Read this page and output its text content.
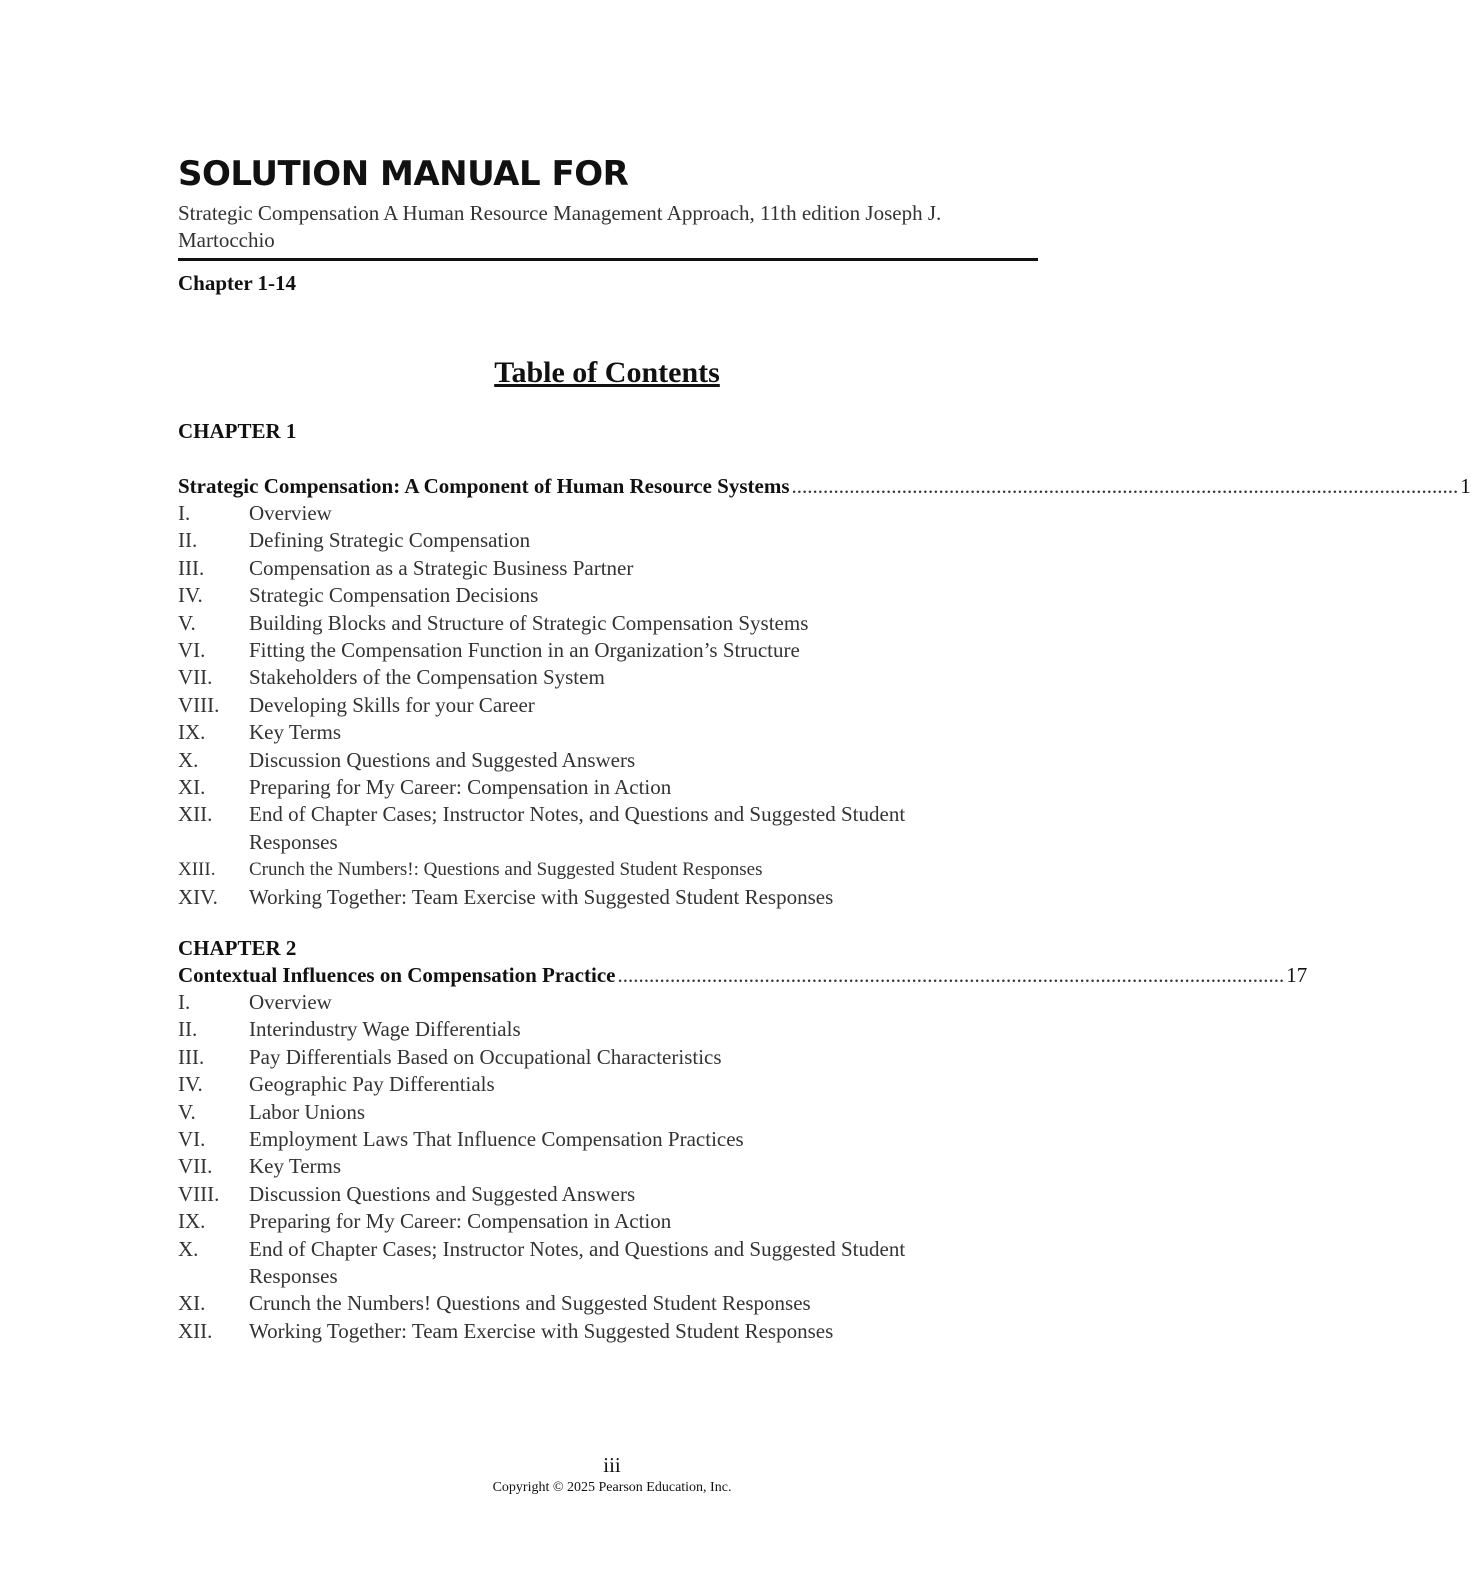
SOLUTION MANUAL FOR
Strategic Compensation A Human Resource Management Approach, 11th edition Joseph J. Martocchio
Chapter 1-14
Table of Contents
CHAPTER 1
Strategic Compensation: A Component of Human Resource Systems ............................................................................................................................... 1
I.	Overview
II.	Defining Strategic Compensation
III.	Compensation as a Strategic Business Partner
IV.	Strategic Compensation Decisions
V.	Building Blocks and Structure of Strategic Compensation Systems
VI.	Fitting the Compensation Function in an Organization’s Structure
VII.	Stakeholders of the Compensation System
VIII.	Developing Skills for your Career
IX.	Key Terms
X.	Discussion Questions and Suggested Answers
XI.	Preparing for My Career: Compensation in Action
XII.	End of Chapter Cases; Instructor Notes, and Questions and Suggested Student Responses
XIII.	Crunch the Numbers!: Questions and Suggested Student Responses
XIV.	Working Together: Team Exercise with Suggested Student Responses
CHAPTER 2
Contextual Influences on Compensation Practice ............................................................................................................................... 17
I.	Overview
II.	Interindustry Wage Differentials
III.	Pay Differentials Based on Occupational Characteristics
IV.	Geographic Pay Differentials
V.	Labor Unions
VI.	Employment Laws That Influence Compensation Practices
VII.	Key Terms
VIII.	Discussion Questions and Suggested Answers
IX.	Preparing for My Career: Compensation in Action
X.	End of Chapter Cases; Instructor Notes, and Questions and Suggested Student Responses
XI.	Crunch the Numbers! Questions and Suggested Student Responses
XII.	Working Together: Team Exercise with Suggested Student Responses
iii
Copyright © 2025 Pearson Education, Inc.
